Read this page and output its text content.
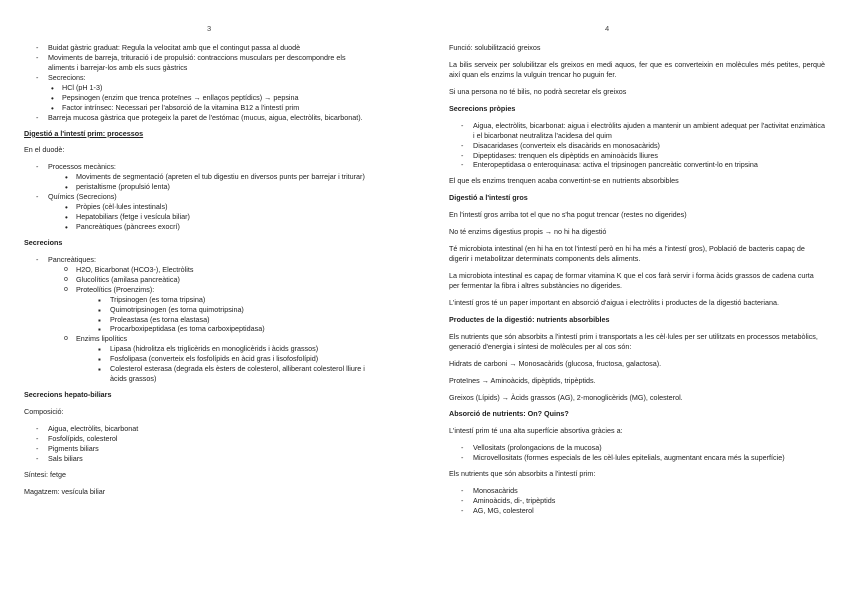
3
- Buidat gàstric graduat: Regula la velocitat amb que el contingut passa al duodè
- Moviments de barreja, trituració i de propulsió: contraccions musculars per descompondre els aliments i barrejar-los amb els sucs gàstrics
- Secrecions:
• HCl (pH 1-3)
• Pepsinogen (enzim que trenca proteïnes → enllaços peptídics) → pepsina
• Factor intrínsec: Necessari per l'absorció de la vitamina B12 a l'intestí prim
- Barreja mucosa gàstrica que protegeix la paret de l'estómac (mucus, aigua, electròlits, bicarbonat).

Digestió a l'intestí prim: processos

En el duodè:

- Processos mecànics:
• Moviments de segmentació (apreten el tub digestiu en diversos punts per barrejar i triturar)
• peristaltisme (propulsió lenta)
- Químics (Secrecions)
• Pròpies (cèl·lules intestinals)
• Hepatobiliars (fetge i vesícula biliar)
• Pancreàtiques (pàncrees exocrí)

Secrecions

- Pancreàtiques:
o H2O, Bicarbonat (HCO3-), Electròlits
o Glucolítics (amilasa pancreàtica)
o Proteolítics (Proenzims):
▪ Tripsinogen (es torna tripsina)
▪ Quimotripsinogen (es torna quimotripsina)
▪ Proleastasa (es torna elastasa)
▪ Procarboxipeptidasa (es torna carboxipeptidasa)
o Enzims lipolítics
▪ Lipasa (hidrolitza els triglicèrids en monoglicèrids i àcids grassos)
▪ Fosfolipasa (converteix els fosfolípids en àcid gras i lisofosfolípid)
▪ Colesterol esterasa (degrada els èsters de colesterol, alliberant colesterol lliure i àcids grassos)

Secrecions hepato-biliars

Composició:

- Aigua, electròlits, bicarbonat
- Fosfolípids, colesterol
- Pigments biliars
- Sals biliars

Síntesi: fetge

Magatzem: vesícula biliar

4

Funció: solubilització greixos

La bilis serveix per solubilitzar els greixos en medi aquos, fer que es converteixin en molècules més petites, perquè així quan els enzims la vulguin trencar ho puguin fer.

Si una persona no té bilis, no podrà secretar els greixos

Secrecions pròpies

- Aigua, electròlits, bicarbonat: aigua i electròlits ajuden a mantenir un ambient adequat per l'activitat enzimàtica i el bicarbonat neutralitza l'acidesa del quim
- Disacaridases (converteix els disacàrids en monosacàrids)
- Dipeptidases: trenquen els dipèptids en aminoàcids lliures
- Enteropeptidasa o enteroquinasa: activa el tripsinogen pancreàtic convertint-lo en tripsina

El que els enzims trenquen acaba convertint-se en nutrients absorbibles

Digestió a l'intestí gros

En l'intestí gros arriba tot el que no s'ha pogut trencar (restes no digerides)

No té enzims digestius propis → no hi ha digestió

Té microbiota intestinal (en hi ha en tot l'intestí però en hi ha més a l'intestí gros), Població de bacteris capaç de digerir i metabolitzar determinats components dels aliments.

La microbiota intestinal es capaç de formar vitamina K que el cos farà servir i forma àcids grassos de cadena curta per fermentar la fibra i altres substàncies no digerides.

L'intestí gros té un paper important en absorció d'aigua i electròlits i productes de la digestió bacteriana.

Productes de la digestió: nutrients absorbibles

Els nutrients que són absorbits a l'intestí prim i transportats a les cèl·lules per ser utilitzats en processos metabòlics, generació d'energia i síntesi de molècules per al cos són:

Hidrats de carboni → Monosacàrids (glucosa, fructosa, galactosa).

Proteïnes → Aminoàcids, dipèptids, tripèptids.

Greixos (Lípids) → Àcids grassos (AG), 2-monoglicèrids (MG), colesterol.

Absorció de nutrients: On? Quins?

L'intestí prim té una alta superfície absortiva gràcies a:

- Vellositats (prolongacions de la mucosa)
- Microvellositats (formes especials de les cèl·lules epitelials, augmentant encara més la superfície)

Els nutrients que són absorbits a l'intestí prim:

- Monosacàrids
- Aminoàcids, di-, tripèptids
- AG, MG, colesterol
